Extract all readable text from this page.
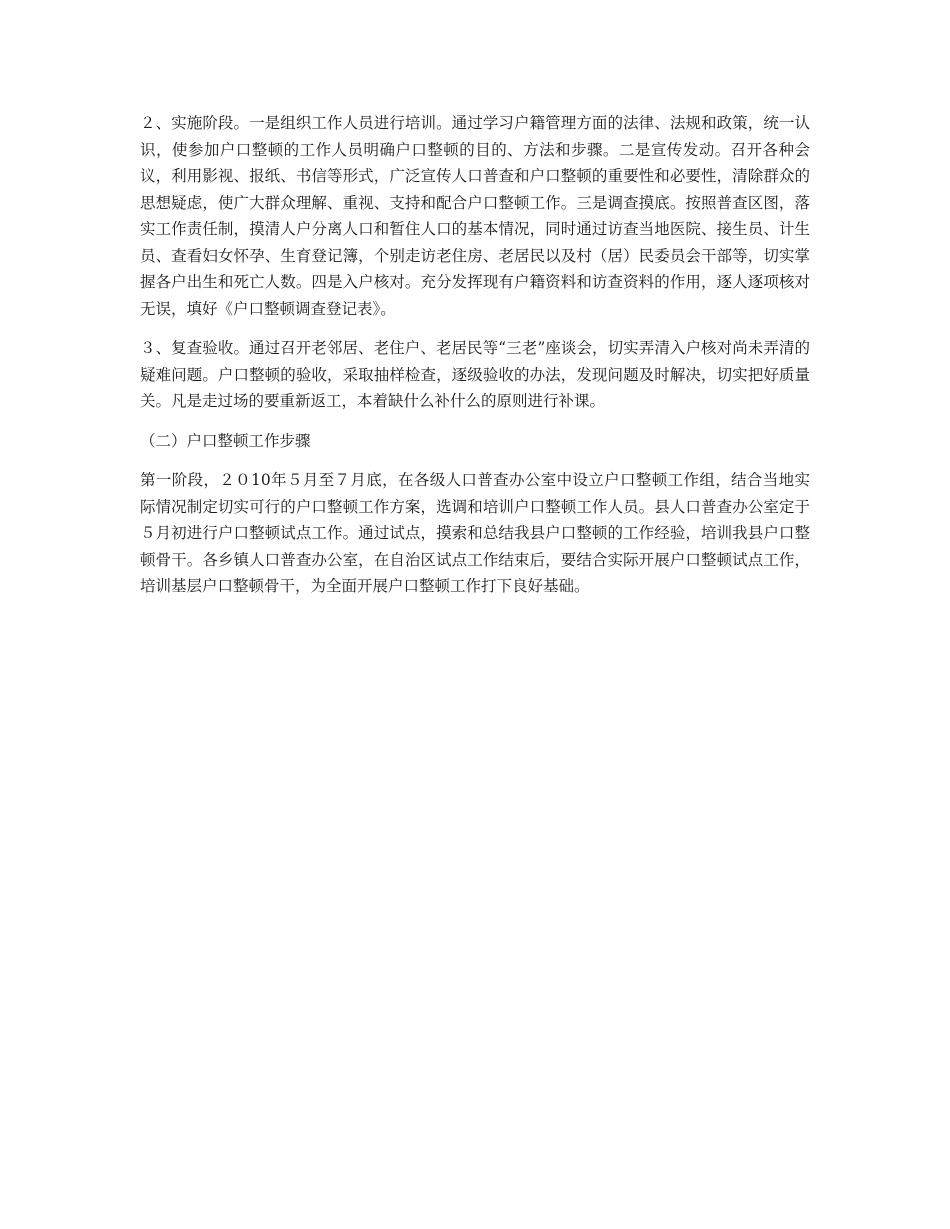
２、实施阶段。一是组织工作人员进行培训。通过学习户籍管理方面的法律、法规和政策，统一认识，使参加户口整顿的工作人员明确户口整顿的目的、方法和步骤。二是宣传发动。召开各种会议，利用影视、报纸、书信等形式，广泛宣传人口普查和户口整顿的重要性和必要性，清除群众的思想疑虑，使广大群众理解、重视、支持和配合户口整顿工作。三是调查摸底。按照普查区图，落实工作责任制，摸清人户分离人口和暂住人口的基本情况，同时通过访查当地医院、接生员、计生员、查看妇女怀孕、生育登记簿，个别走访老住房、老居民以及村（居）民委员会干部等，切实掌握各户出生和死亡人数。四是入户核对。充分发挥现有户籍资料和访查资料的作用，逐人逐项核对无误，填好《户口整顿调查登记表》。

３、复查验收。通过召开老邻居、老住户、老居民等“三老”座谈会，切实弄清入户核对尚未弄清的疑难问题。户口整顿的验收，采取抽样检查，逐级验收的办法，发现问题及时解决，切实把好质量关。凡是走过场的要重新返工，本着缺什么补什么的原则进行补课。

（二）户口整顿工作步骤

第一阶段，２０10年５月至７月底，在各级人口普查办公室中设立户口整顿工作组，结合当地实际情况制定切实可行的户口整顿工作方案，选调和培训户口整顿工作人员。县人口普查办公室定于５月初进行户口整顿试点工作。通过试点，摸索和总结我县户口整顿的工作经验，培训我县户口整顿骨干。各乡镇人口普查办公室，在自治区试点工作结束后，要结合实际开展户口整顿试点工作，培训基层户口整顿骨干，为全面开展户口整顿工作打下良好基础。
